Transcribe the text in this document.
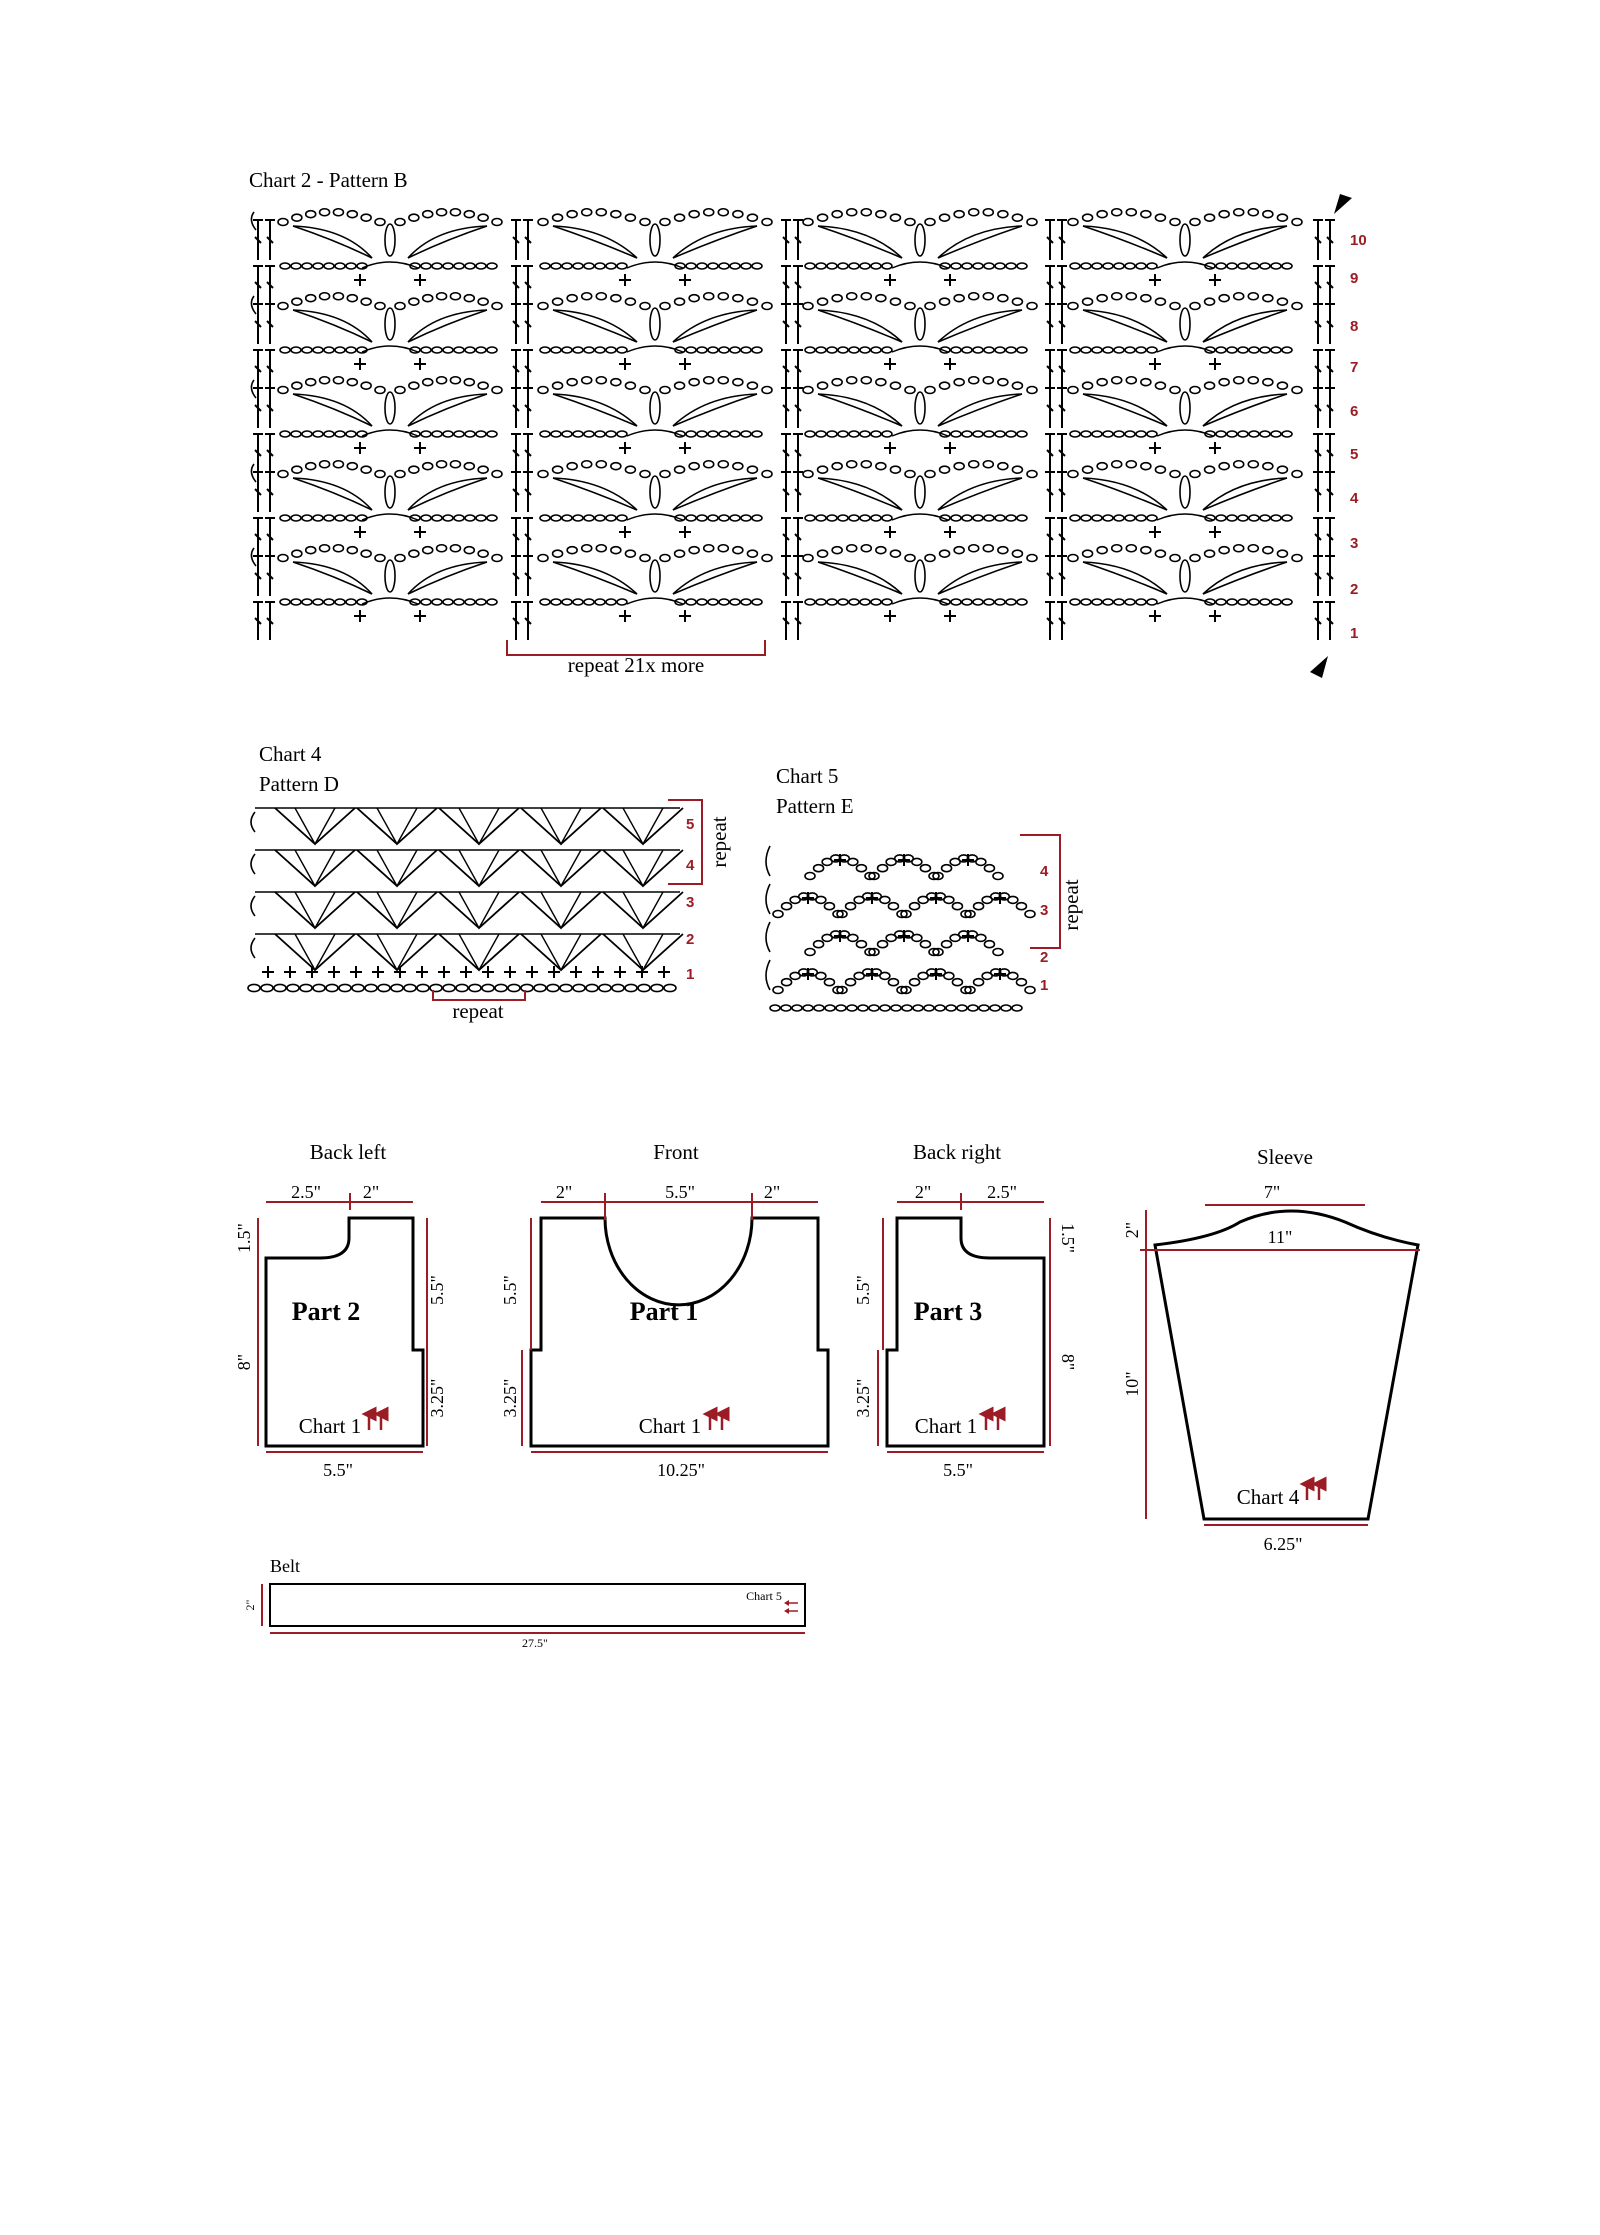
Chart 2 - Pattern B
1
2
3
4
5
6
7
8
9
10
repeat 21x more
Chart 4
Pattern D
1
2
3
4
5 repeat
repeat
Chart 5
Pattern E
1
2
3
4
repeat
Back left
2.5" 2"
1.5"
8"
5.5"
3.25"
5.5"
Part 2
Chart 1
Front
2"	5.5"	2"
5.5"
3.25"
10.25"
Part 1
Chart 1
Back right
2"	2.5"
5.5"
3.25"
1.5"
8"
5.5"
Part 3
Chart 1
Sleeve
7"
11"
2"
10"
6.25"
Chart 4
Belt
2"
27.5"
Chart 5
